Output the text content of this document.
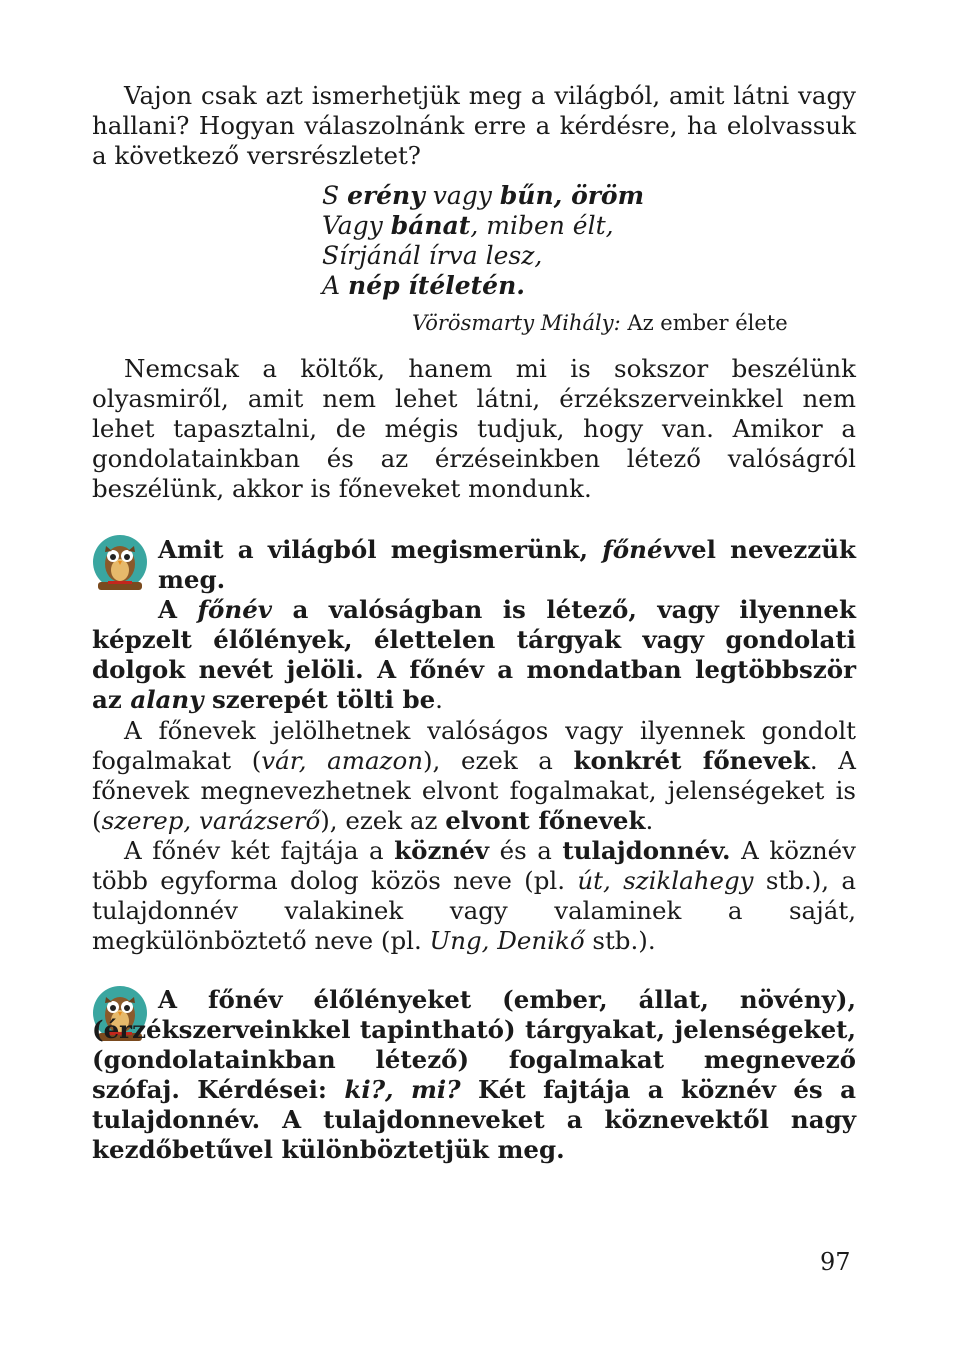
Vajon csak azt ismerhetjük meg a világból, amit látni vagy hallani? Hogyan válaszolnánk erre a kérdésre, ha elolvassuk a következő versrészletet?

S erény vagy bűn, öröm
Vagy bánat, miben élt,
Sírjánál írva lesz,
A nép ítéletén.
Vörösmarty Mihály: Az ember élete

Nemcsak a költők, hanem mi is sokszor beszélünk olyasmiről, amit nem lehet látni, érzékszerveinkkel nem lehet tapasztalni, de mégis tudjuk, hogy van. Amikor a gondolatainkban és az érzéseinkben létező valóságról beszélünk, akkor is főneveket mondunk.

Amit a világból megismerünk, főnévvel nevezzük meg.

A főnév a valóságban is létező, vagy ilyennek képzelt élőlények, élettelen tárgyak vagy gondolati dolgok nevét jelöli. A főnév a mondatban legtöbbször az alany szerepét tölti be.

A főnevek jelölhetnek valóságos vagy ilyennek gondolt fogalmakat (vár, amazon), ezek a konkrét főnevek. A főnevek megnevezhetnek elvont fogalmakat, jelenségeket is (szerep, varázserő), ezek az elvont főnevek.

A főnév két fajtája a köznév és a tulajdonnév. A köznév több egyforma dolog közös neve (pl. út, sziklahegy stb.), a tulajdonnév valakinek vagy valaminek a saját, megkülönböztető neve (pl. Ung, Denikő stb.).

A főnév élőlényeket (ember, állat, növény), (érzékszerveinkkel tapintható) tárgyakat, jelenségeket, (gondolatainkban létező) fogalmakat megnevező szófaj. Kérdései: ki?, mi? Két fajtája a köznév és a tulajdonnév. A tulajdonneveket a köznevektől nagy kezdőbetűvel különböztetjük meg.

97
